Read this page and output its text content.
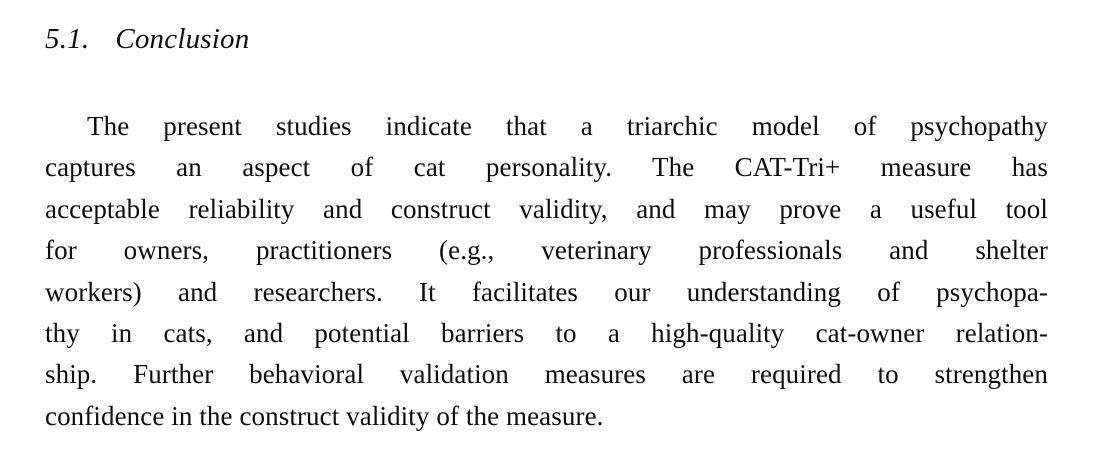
5.1. Conclusion
The present studies indicate that a triarchic model of psychopathy
captures an aspect of cat personality. The CAT-Tri+ measure has
acceptable reliability and construct validity, and may prove a useful tool
for owners, practitioners (e.g., veterinary professionals and shelter
workers) and researchers. It facilitates our understanding of psychopa-
thy in cats, and potential barriers to a high-quality cat-owner relation-
ship. Further behavioral validation measures are required to strengthen
confidence in the construct validity of the measure.
